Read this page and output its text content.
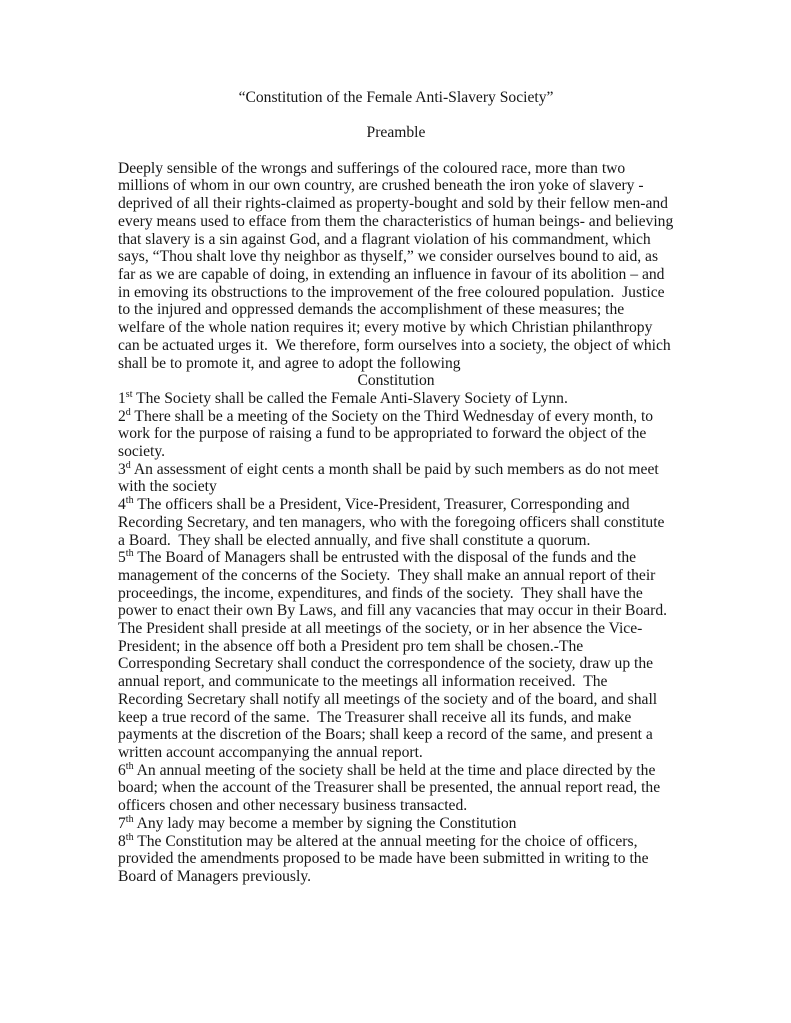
“Constitution of the Female Anti-Slavery Society”

Preamble

Deeply sensible of the wrongs and sufferings of the coloured race, more than two millions of whom in our own country, are crushed beneath the iron yoke of slavery - deprived of all their rights-claimed as property-bought and sold by their fellow men-and every means used to efface from them the characteristics of human beings- and believing that slavery is a sin against God, and a flagrant violation of his commandment, which says, “Thou shalt love thy neighbor as thyself,” we consider ourselves bound to aid, as far as we are capable of doing, in extending an influence in favour of its abolition – and in emoving its obstructions to the improvement of the free coloured population.  Justice to the injured and oppressed demands the accomplishment of these measures; the welfare of the whole nation requires it; every motive by which Christian philanthropy can be actuated urges it.  We therefore, form ourselves into a society, the object of which shall be to promote it, and agree to adopt the following

Constitution

1st The Society shall be called the Female Anti-Slavery Society of Lynn.

2$^d$ There shall be a meeting of the Society on the Third Wednesday of every month, to work for the purpose of raising a fund to be appropriated to forward the object of the society.

3$^d$ An assessment of eight cents a month shall be paid by such members as do not meet with the society

4th The officers shall be a President, Vice-President, Treasurer, Corresponding and Recording Secretary, and ten managers, who with the foregoing officers shall constitute a Board.  They shall be elected annually, and five shall constitute a quorum.

5th The Board of Managers shall be entrusted with the disposal of the funds and the management of the concerns of the Society.  They shall make an annual report of their proceedings, the income, expenditures, and finds of the society.  They shall have the power to enact their own By Laws, and fill any vacancies that may occur in their Board.  The President shall preside at all meetings of the society, or in her absence the Vice-President; in the absence off both a President pro tem shall be chosen.-The Corresponding Secretary shall conduct the correspondence of the society, draw up the annual report, and communicate to the meetings all information received.  The Recording Secretary shall notify all meetings of the society and of the board, and shall keep a true record of the same.  The Treasurer shall receive all its funds, and make payments at the discretion of the Boars; shall keep a record of the same, and present a written account accompanying the annual report.

6th An annual meeting of the society shall be held at the time and place directed by the board; when the account of the Treasurer shall be presented, the annual report read, the officers chosen and other necessary business transacted.

7th Any lady may become a member by signing the Constitution

8th The Constitution may be altered at the annual meeting for the choice of officers, provided the amendments proposed to be made have been submitted in writing to the Board of Managers previously.
